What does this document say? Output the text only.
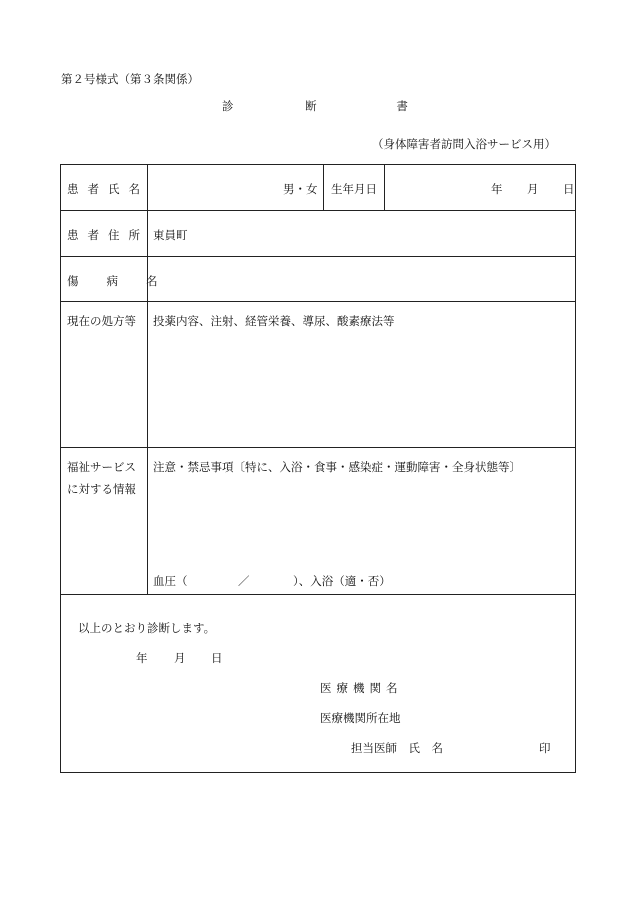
第２号様式（第３条関係）
診	断	書
（身体障害者訪問入浴サービス用）
患者氏名	男・女 生年月日	年 月 日
患者住所 東員町
傷病名
現在の処方等 投薬内容、注射、経管栄養、導尿、酸素療法等
福祉サービス
に対する情報
注意・禁忌事項〔特に、入浴・食事・感染症・運動障害・全身状態等〕
血圧（	／	）、入浴（適・否）
以上のとおり診断します。
年 月 日
医療機関名
医療機関所在地
担当医師　氏　名	印
